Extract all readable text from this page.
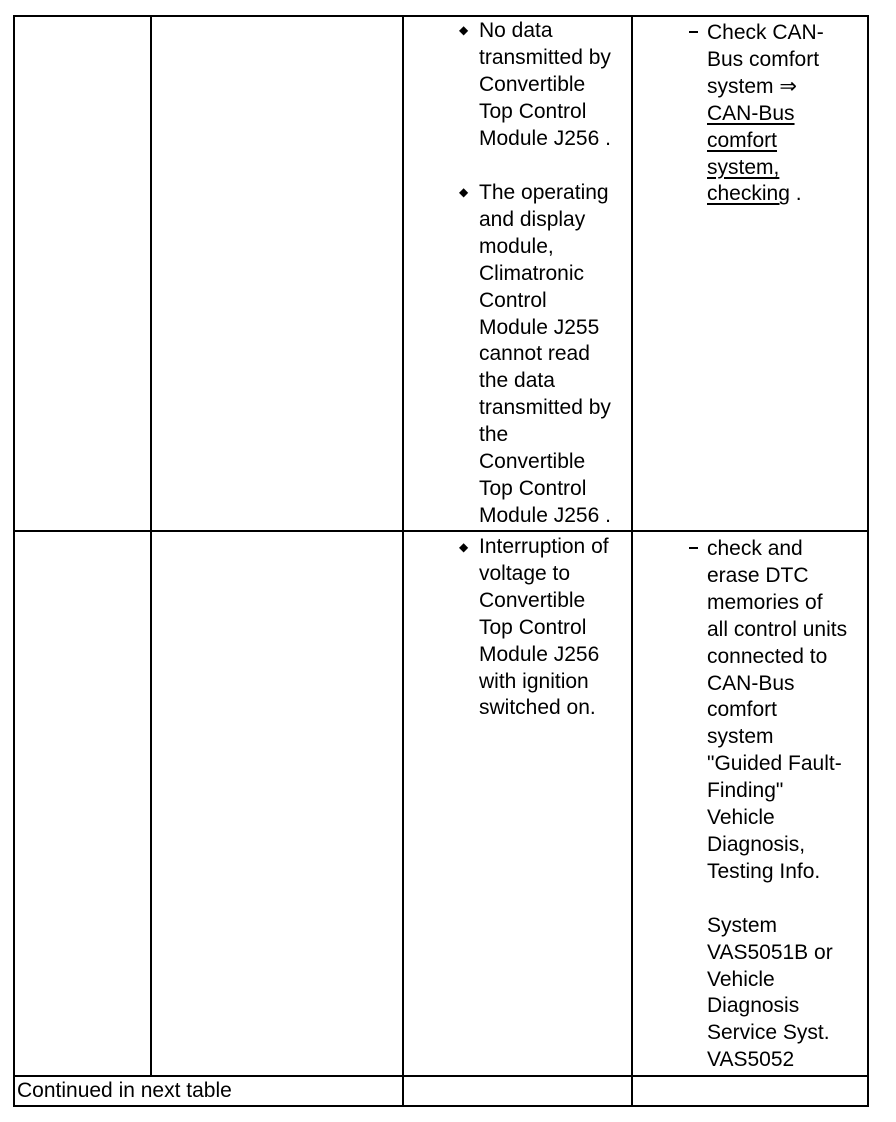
◆ No data
transmitted by
Convertible
Top Control
Module J256 .
◆ The operating
and display
module,
Climatronic
Control
Module J255
cannot read
the data
transmitted by
the
Convertible
Top Control
Module J256 .
Check CAN-
Bus comfort
system ⇒
CAN-Bus
comfort
system,
checking .
◆ Interruption of
voltage to
Convertible
Top Control
Module J256
with ignition
switched on.
check and
erase DTC
memories of
all control units
connected to
CAN-Bus
comfort
system
"Guided Fault-
Finding"
Vehicle
Diagnosis,
Testing Info.

System
VAS5051B or
Vehicle
Diagnosis
Service Syst.
VAS5052
Continued in next table
